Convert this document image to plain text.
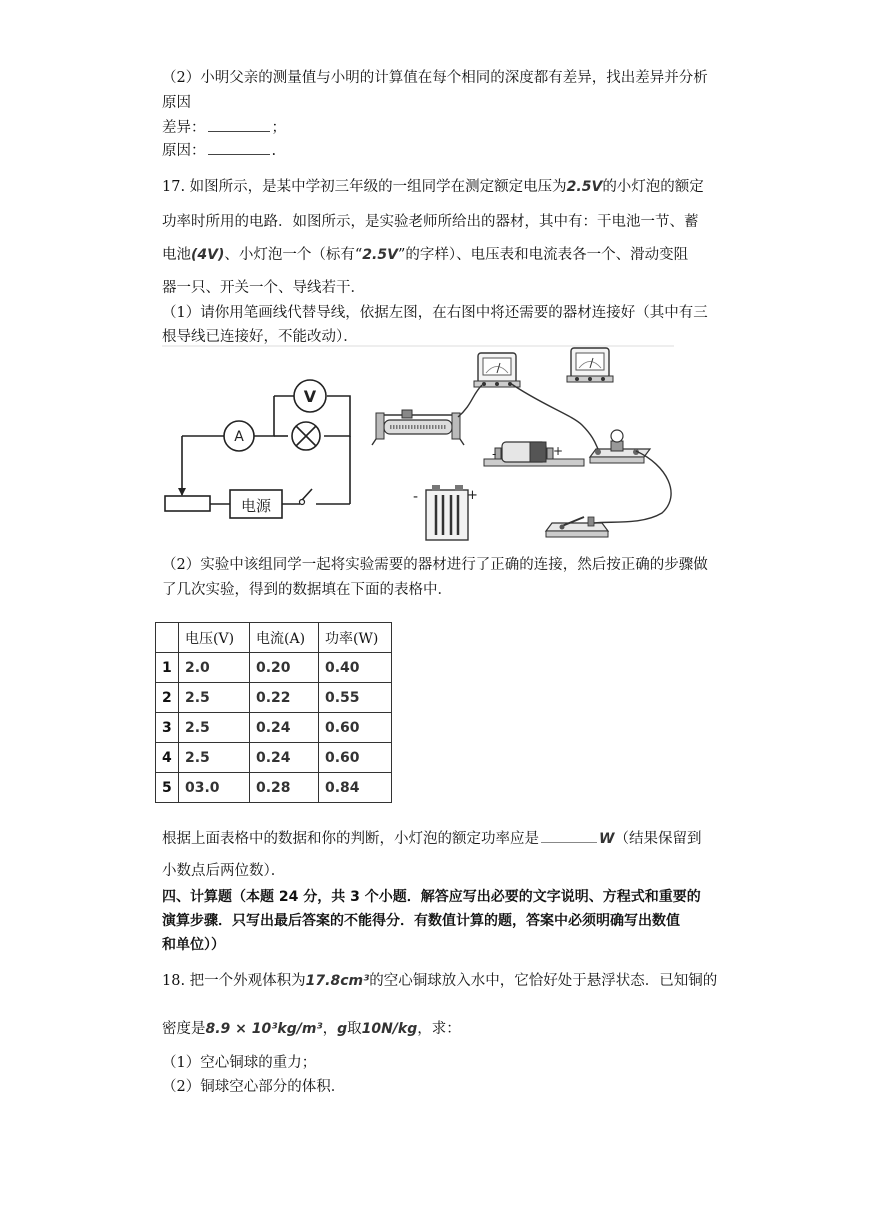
（2）小明父亲的测量值与小明的计算值在每个相同的深度都有差异，找出差异并分析
原因
差异：	；
原因：	.
17. 如图所示，是某中学初三年级的一组同学在测定额定电压为2.5V的小灯泡的额定
功率时所用的电路．如图所示，是实验老师所给出的器材，其中有：干电池一节、蓄
电池(4V)、小灯泡一个（标有“2.5V”的字样）、电压表和电流表各一个、滑动变阻
器一只、开关一个、导线若干．
（1）请你用笔画线代替导线，依据左图，在右图中将还需要的器材连接好（其中有三
根导线已连接好，不能改动）．
V
A
电源
-	+
-	+
（2）实验中该组同学一起将实验需要的器材进行了正确的连接，然后按正确的步骤做
了几次实验，得到的数据填在下面的表格中．
	电压(V)	电流(A)	功率(W)
1	2.0	0.20	0.40
2	2.5	0.22	0.55
3	2.5	0.24	0.60
4	2.5	0.24	0.60
5	03.0	0.28	0.84
根据上面表格中的数据和你的判断，小灯泡的额定功率应是	W（结果保留到
小数点后两位数）．
四、计算题（本题 24 分，共 3 个小题．解答应写出必要的文字说明、方程式和重要的
演算步骤．只写出最后答案的不能得分．有数值计算的题，答案中必须明确写出数值
和单位））
18. 把一个外观体积为17.8cm³的空心铜球放入水中，它恰好处于悬浮状态．已知铜的
密度是8.9 × 10³kg/m³，g取10N/kg，求：
（1）空心铜球的重力；
（2）铜球空心部分的体积．
